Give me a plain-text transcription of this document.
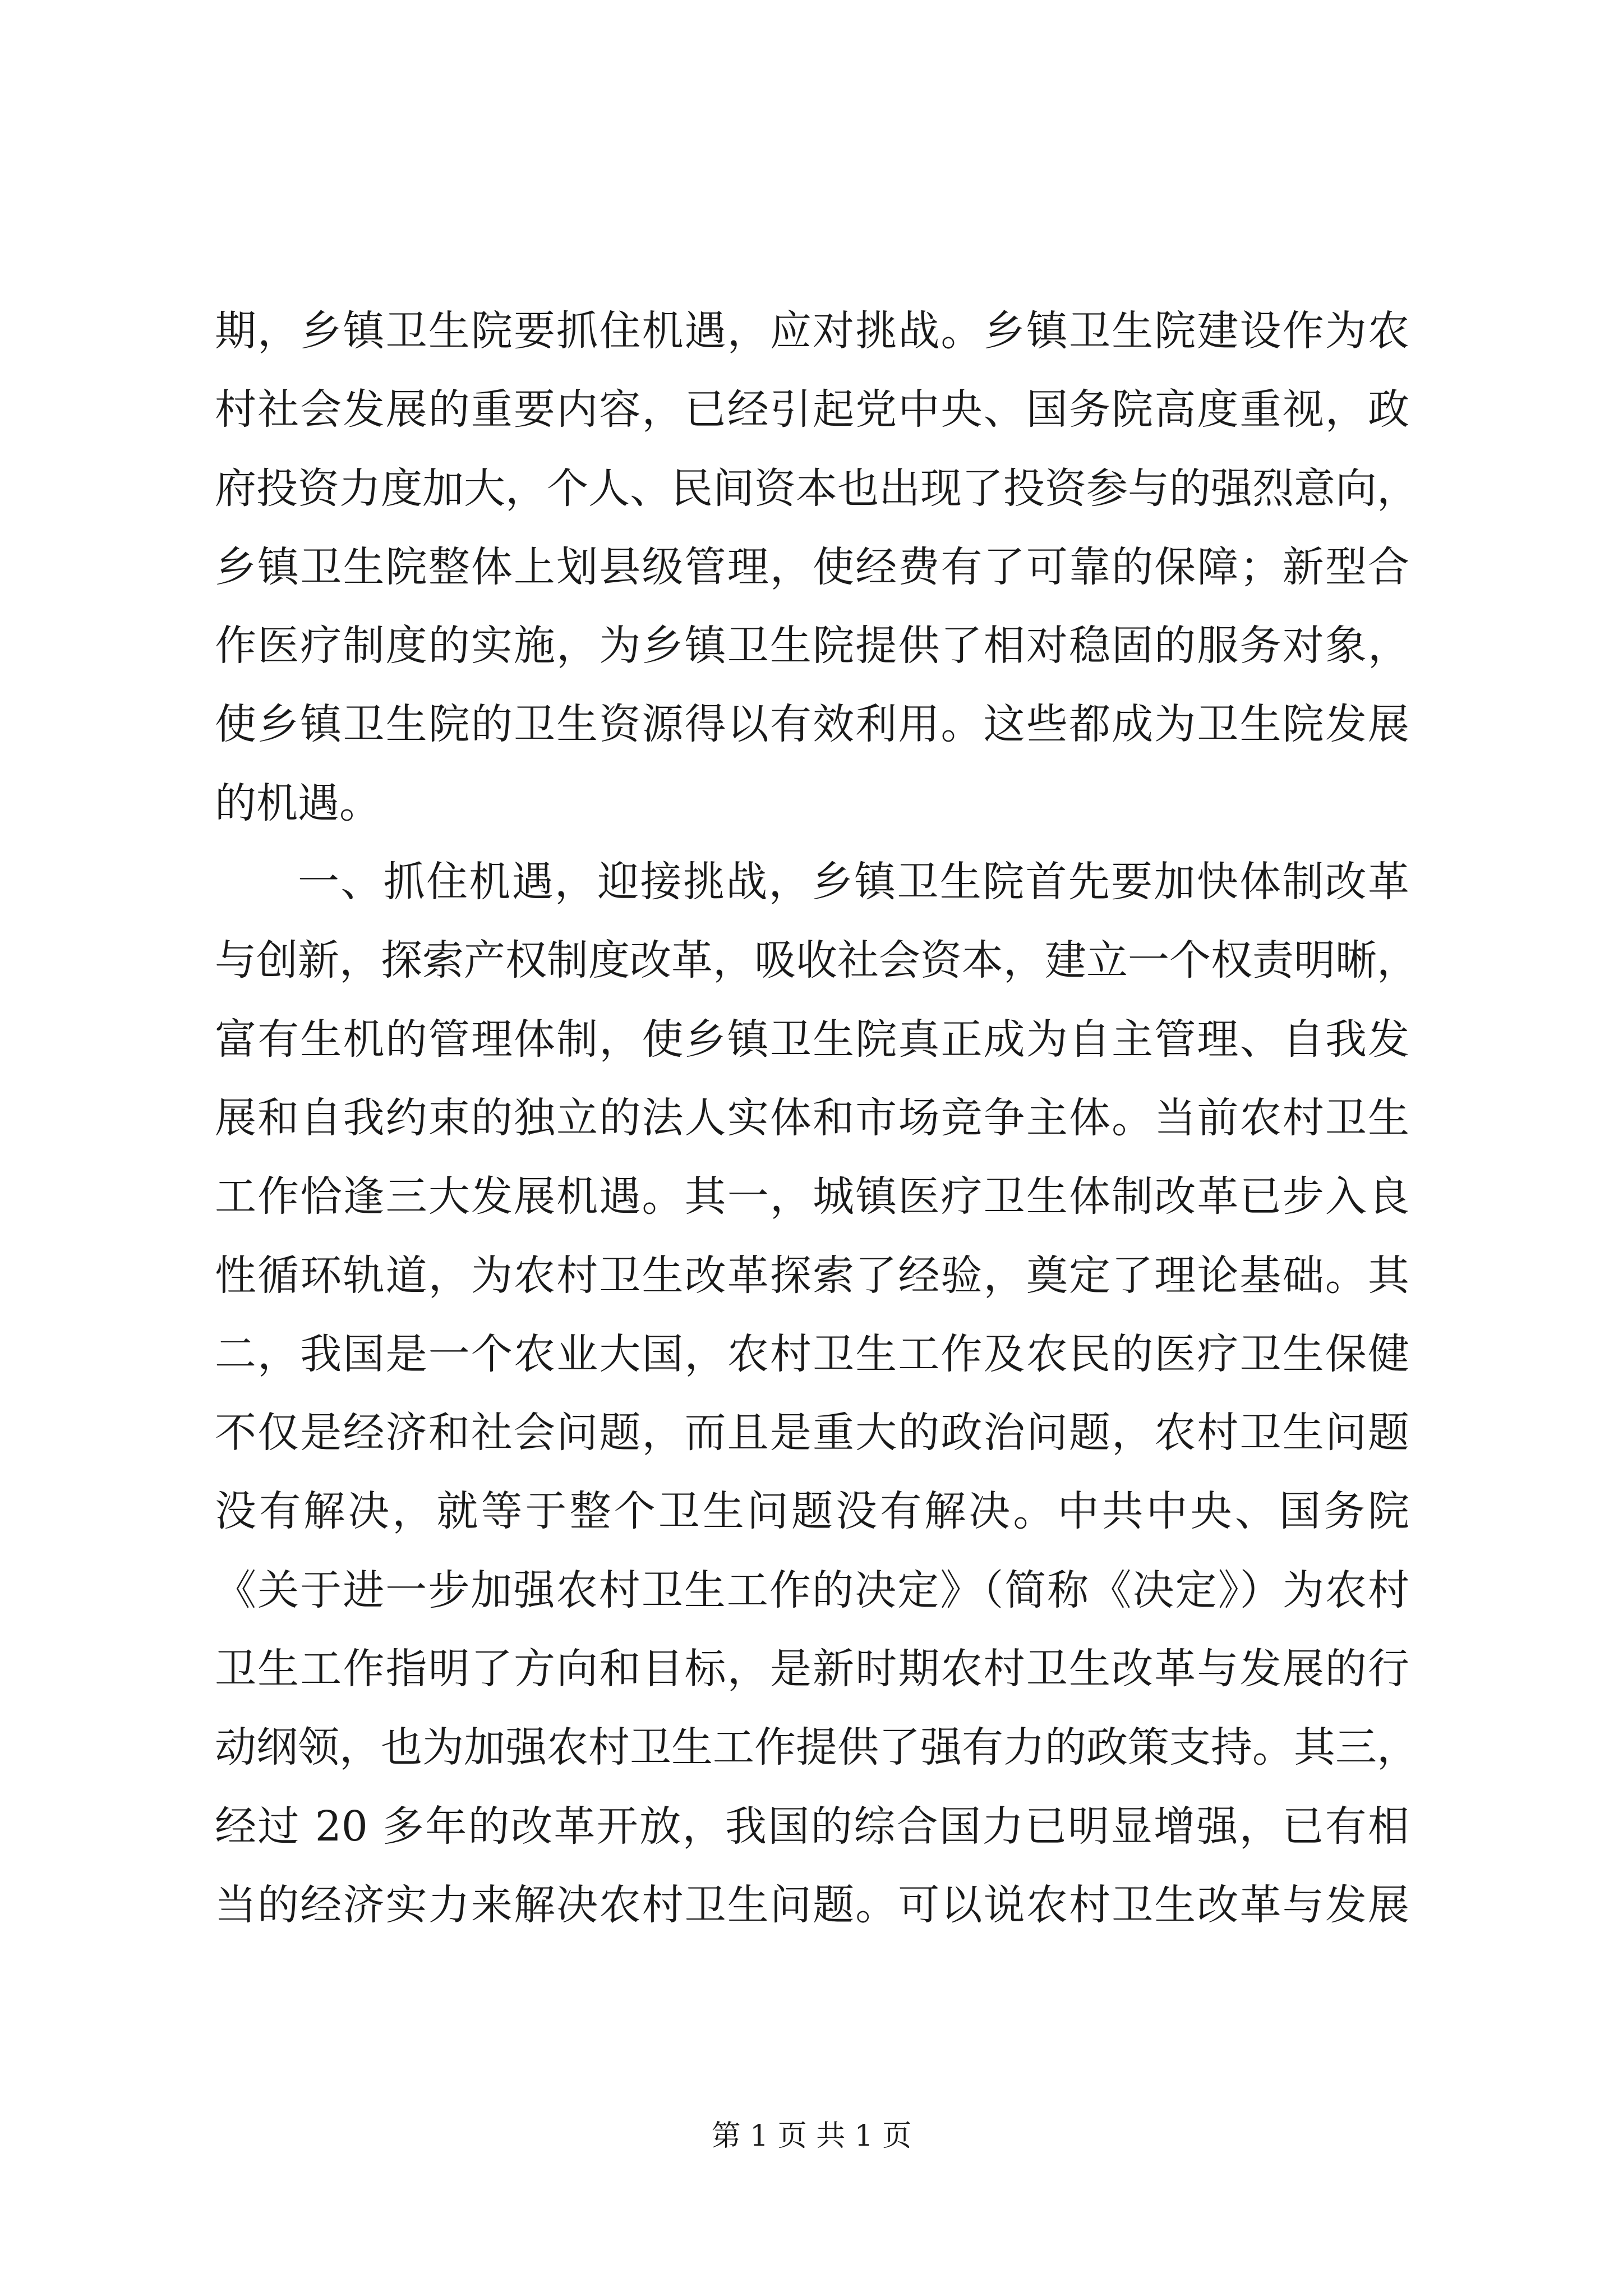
期，乡镇卫生院要抓住机遇，应对挑战。乡镇卫生院建设作为农
村社会发展的重要内容，已经引起党中央、国务院高度重视，政
府投资力度加大，个人、民间资本也出现了投资参与的强烈意向，
乡镇卫生院整体上划县级管理，使经费有了可靠的保障；新型合
作医疗制度的实施，为乡镇卫生院提供了相对稳固的服务对象，
使乡镇卫生院的卫生资源得以有效利用。这些都成为卫生院发展
的机遇。
一、抓住机遇，迎接挑战，乡镇卫生院首先要加快体制改革
与创新，探索产权制度改革，吸收社会资本，建立一个权责明晰，
富有生机的管理体制，使乡镇卫生院真正成为自主管理、自我发
展和自我约束的独立的法人实体和市场竞争主体。当前农村卫生
工作恰逢三大发展机遇。其一，城镇医疗卫生体制改革已步入良
性循环轨道，为农村卫生改革探索了经验，奠定了理论基础。其
二，我国是一个农业大国，农村卫生工作及农民的医疗卫生保健
不仅是经济和社会问题，而且是重大的政治问题，农村卫生问题
没有解决，就等于整个卫生问题没有解决。中共中央、国务院
《关于进一步加强农村卫生工作的决定》（简称《决定》）为农村
卫生工作指明了方向和目标，是新时期农村卫生改革与发展的行
动纲领，也为加强农村卫生工作提供了强有力的政策支持。其三，
经过 20 多年的改革开放，我国的综合国力已明显增强，已有相
当的经济实力来解决农村卫生问题。可以说农村卫生改革与发展
第 1 页 共 1 页
